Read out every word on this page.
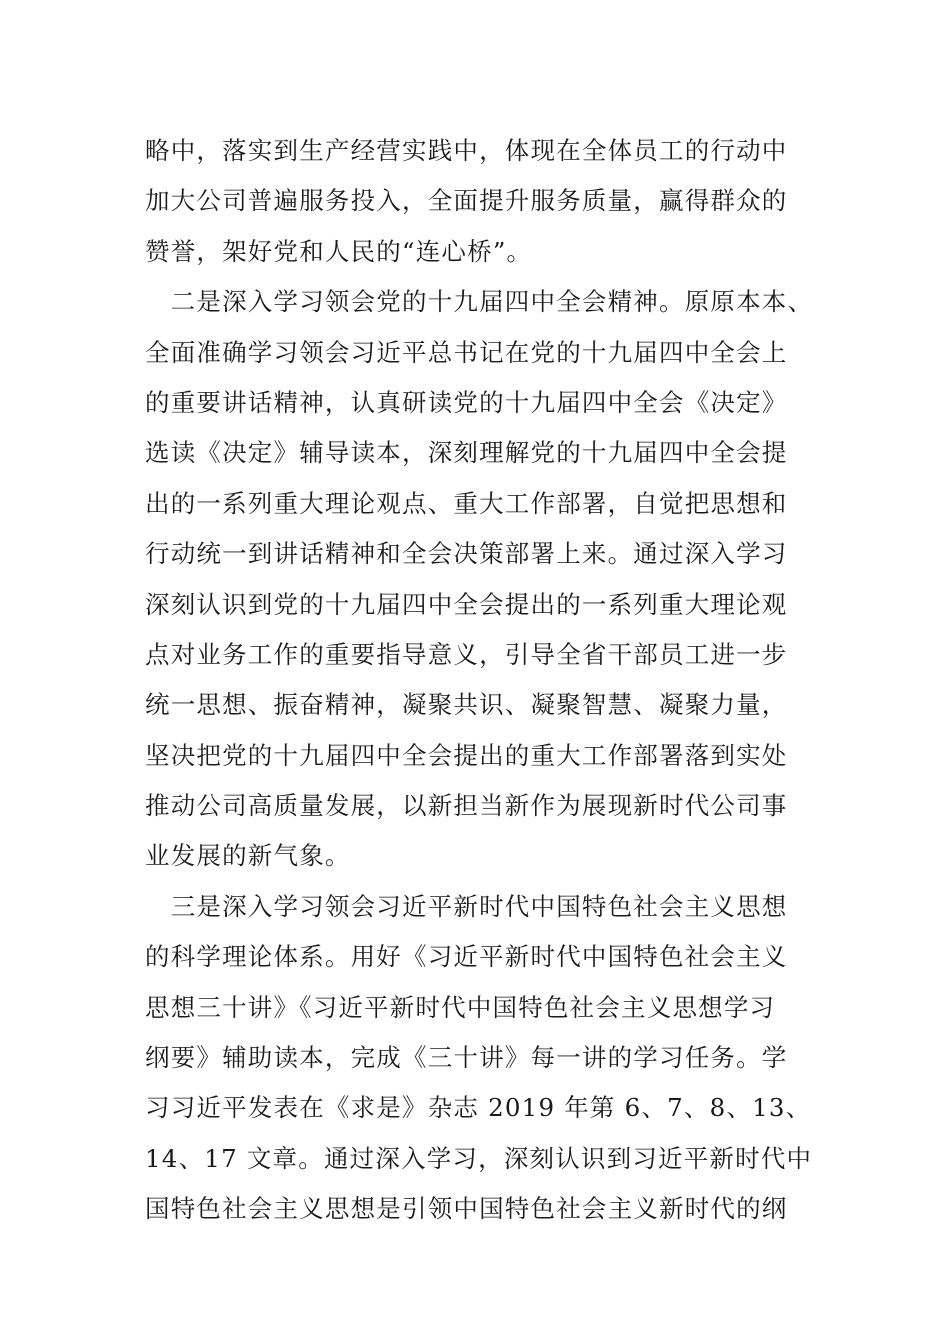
略中，落实到生产经营实践中，体现在全体员工的行动中
加大公司普遍服务投入，全面提升服务质量，赢得群众的
赞誉，架好党和人民的“连心桥”。
　二是深入学习领会党的十九届四中全会精神。原原本本、
全面准确学习领会习近平总书记在党的十九届四中全会上
的重要讲话精神，认真研读党的十九届四中全会《决定》
选读《决定》辅导读本，深刻理解党的十九届四中全会提
出的一系列重大理论观点、重大工作部署，自觉把思想和
行动统一到讲话精神和全会决策部署上来。通过深入学习
深刻认识到党的十九届四中全会提出的一系列重大理论观
点对业务工作的重要指导意义，引导全省干部员工进一步
统一思想、振奋精神，凝聚共识、凝聚智慧、凝聚力量，
坚决把党的十九届四中全会提出的重大工作部署落到实处
推动公司高质量发展，以新担当新作为展现新时代公司事
业发展的新气象。
　三是深入学习领会习近平新时代中国特色社会主义思想
的科学理论体系。用好《习近平新时代中国特色社会主义
思想三十讲》《习近平新时代中国特色社会主义思想学习
纲要》辅助读本，完成《三十讲》每一讲的学习任务。学
习习近平发表在《求是》杂志 2019 年第 6、7、8、13、
14、17 文章。通过深入学习，深刻认识到习近平新时代中
国特色社会主义思想是引领中国特色社会主义新时代的纲
